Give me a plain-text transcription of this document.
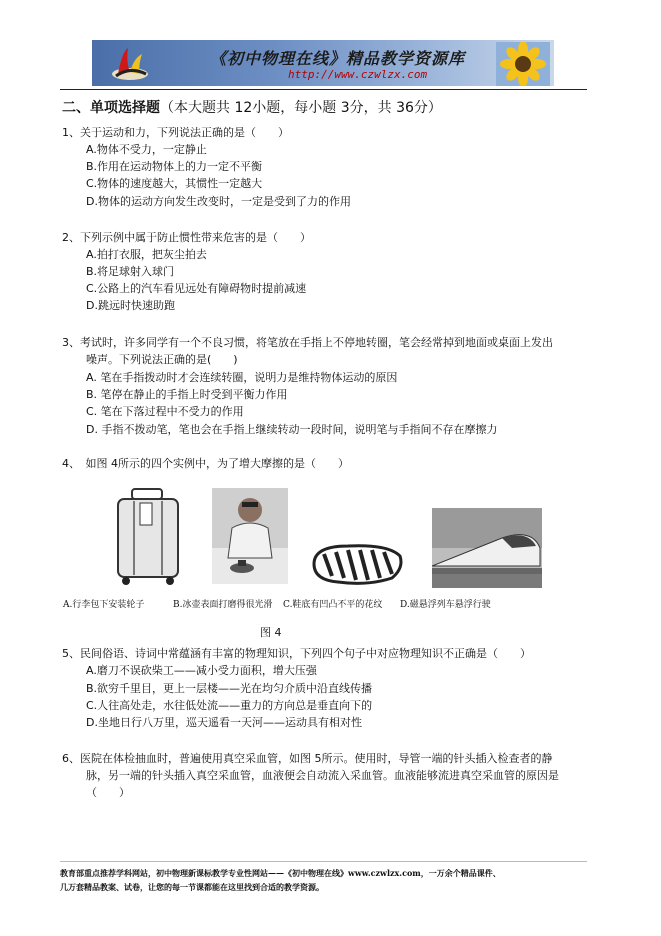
《初中物理在线》精品教学资源库
http://www.czwlzx.com
二、单项选择题（本大题共 12小题，每小题 3分，共 36分）
1、关于运动和力，下列说法正确的是（　　）
A.物体不受力，一定静止
B.作用在运动物体上的力一定不平衡
C.物体的速度越大，其惯性一定越大
D.物体的运动方向发生改变时，一定是受到了力的作用
2、下列示例中属于防止惯性带来危害的是（　　）
A.拍打衣服，把灰尘拍去
B.将足球射入球门
C.公路上的汽车看见远处有障碍物时提前减速
D.跳远时快速助跑
3、考试时，许多同学有一个不良习惯，将笔放在手指上不停地转圈，笔会经常掉到地面或桌面上发出
噪声。下列说法正确的是(　　)
A. 笔在手指拨动时才会连续转圈，说明力是维持物体运动的原因
B. 笔停在静止的手指上时受到平衡力作用
C. 笔在下落过程中不受力的作用
D. 手指不拨动笔，笔也会在手指上继续转动一段时间，说明笔与手指间不存在摩擦力
4、　如图 4所示的四个实例中，为了增大摩擦的是（　　）
A.行李包下安装轮子	B.冰壶表面打磨得很光滑 C.鞋底有凹凸不平的花纹 D.磁悬浮列车悬浮行驶
图 4
5、民间俗语、诗词中常蕴涵有丰富的物理知识，下列四个句子中对应物理知识不正确是（　　）
A.磨刀不误砍柴工——减小受力面积，增大压强
B.欲穷千里目，更上一层楼——光在均匀介质中沿直线传播
C.人往高处走，水往低处流——重力的方向总是垂直向下的
D.坐地日行八万里，巡天遥看一天河——运动具有相对性
6、医院在体检抽血时，普遍使用真空采血管，如图 5所示。使用时，导管一端的针头插入检查者的静
脉，另一端的针头插入真空采血管，血液便会自动流入采血管。血液能够流进真空采血管的原因是
（　　）
教育部重点推荐学科网站，初中物理新课标教学专业性网站——《初中物理在线》www.czwlzx.com，一万余个精品课件、
几万套精品教案、试卷，让您的每一节课都能在这里找到合适的教学资源。
